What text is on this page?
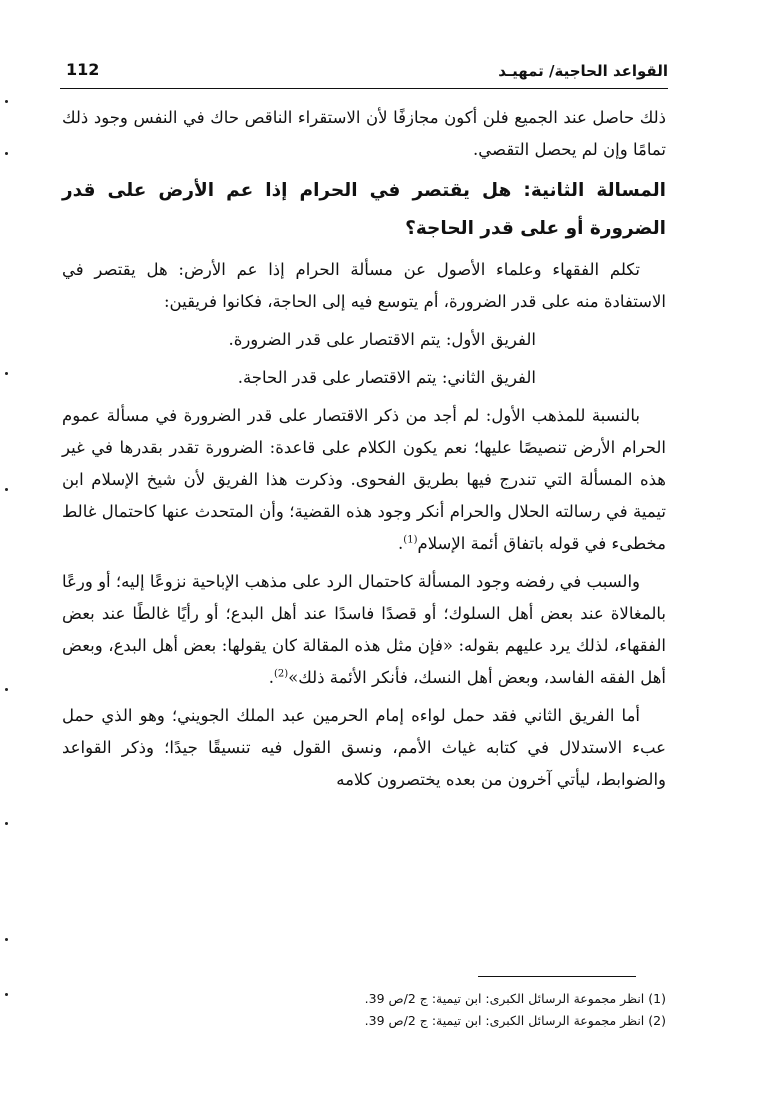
القواعد الحاجية/ تمهيـد
112

ذلك حاصل عند الجميع فلن أكون مجازفًا لأن الاستقراء الناقص حاك في النفس وجود ذلك تمامًا وإن لم يحصل التقصي.

المسالة الثانية: هل يقتصر في الحرام إذا عم الأرض على قدر الضرورة أو على قدر الحاجة؟

تكلم الفقهاء وعلماء الأصول عن مسألة الحرام إذا عم الأرض: هل يقتصر في الاستفادة منه على قدر الضرورة، أم يتوسع فيه إلى الحاجة، فكانوا فريقين:

الفريق الأول: يتم الاقتصار على قدر الضرورة.

الفريق الثاني: يتم الاقتصار على قدر الحاجة.

بالنسبة للمذهب الأول: لم أجد من ذكر الاقتصار على قدر الضرورة في مسألة عموم الحرام الأرض تنصيصًا عليها؛ نعم يكون الكلام على قاعدة: الضرورة تقدر بقدرها في غير هذه المسألة التي تندرج فيها بطريق الفحوى. وذكرت هذا الفريق لأن شيخ الإسلام ابن تيمية في رسالته الحلال والحرام أنكر وجود هذه القضية؛ وأن المتحدث عنها كاحتمال غالط مخطىء في قوله باتفاق أئمة الإسلام$^{(1)}$.

والسبب في رفضه وجود المسألة كاحتمال الرد على مذهب الإباحية نزوعًا إليه؛ أو ورعًا بالمغالاة عند بعض أهل السلوك؛ أو قصدًا فاسدًا عند أهل البدع؛ أو رأيًا غالطًا عند بعض الفقهاء، لذلك يرد عليهم بقوله: «فإن مثل هذه المقالة كان يقولها: بعض أهل البدع، وبعض أهل الفقه الفاسد، وبعض أهل النسك، فأنكر الأئمة ذلك»$^{(2)}$.

أما الفريق الثاني فقد حمل لواءه إمام الحرمين عبد الملك الجويني؛ وهو الذي حمل عبء الاستدلال في كتابه غياث الأمم، ونسق القول فيه تنسيقًا جيدًا؛ وذكر القواعد والضوابط، ليأتي آخرون من بعده يختصرون كلامه

(1) انظر مجموعة الرسائل الكبرى: ابن تيمية: ج 2/ص 39.

(2) انظر مجموعة الرسائل الكبرى: ابن تيمية: ج 2/ص 39.
